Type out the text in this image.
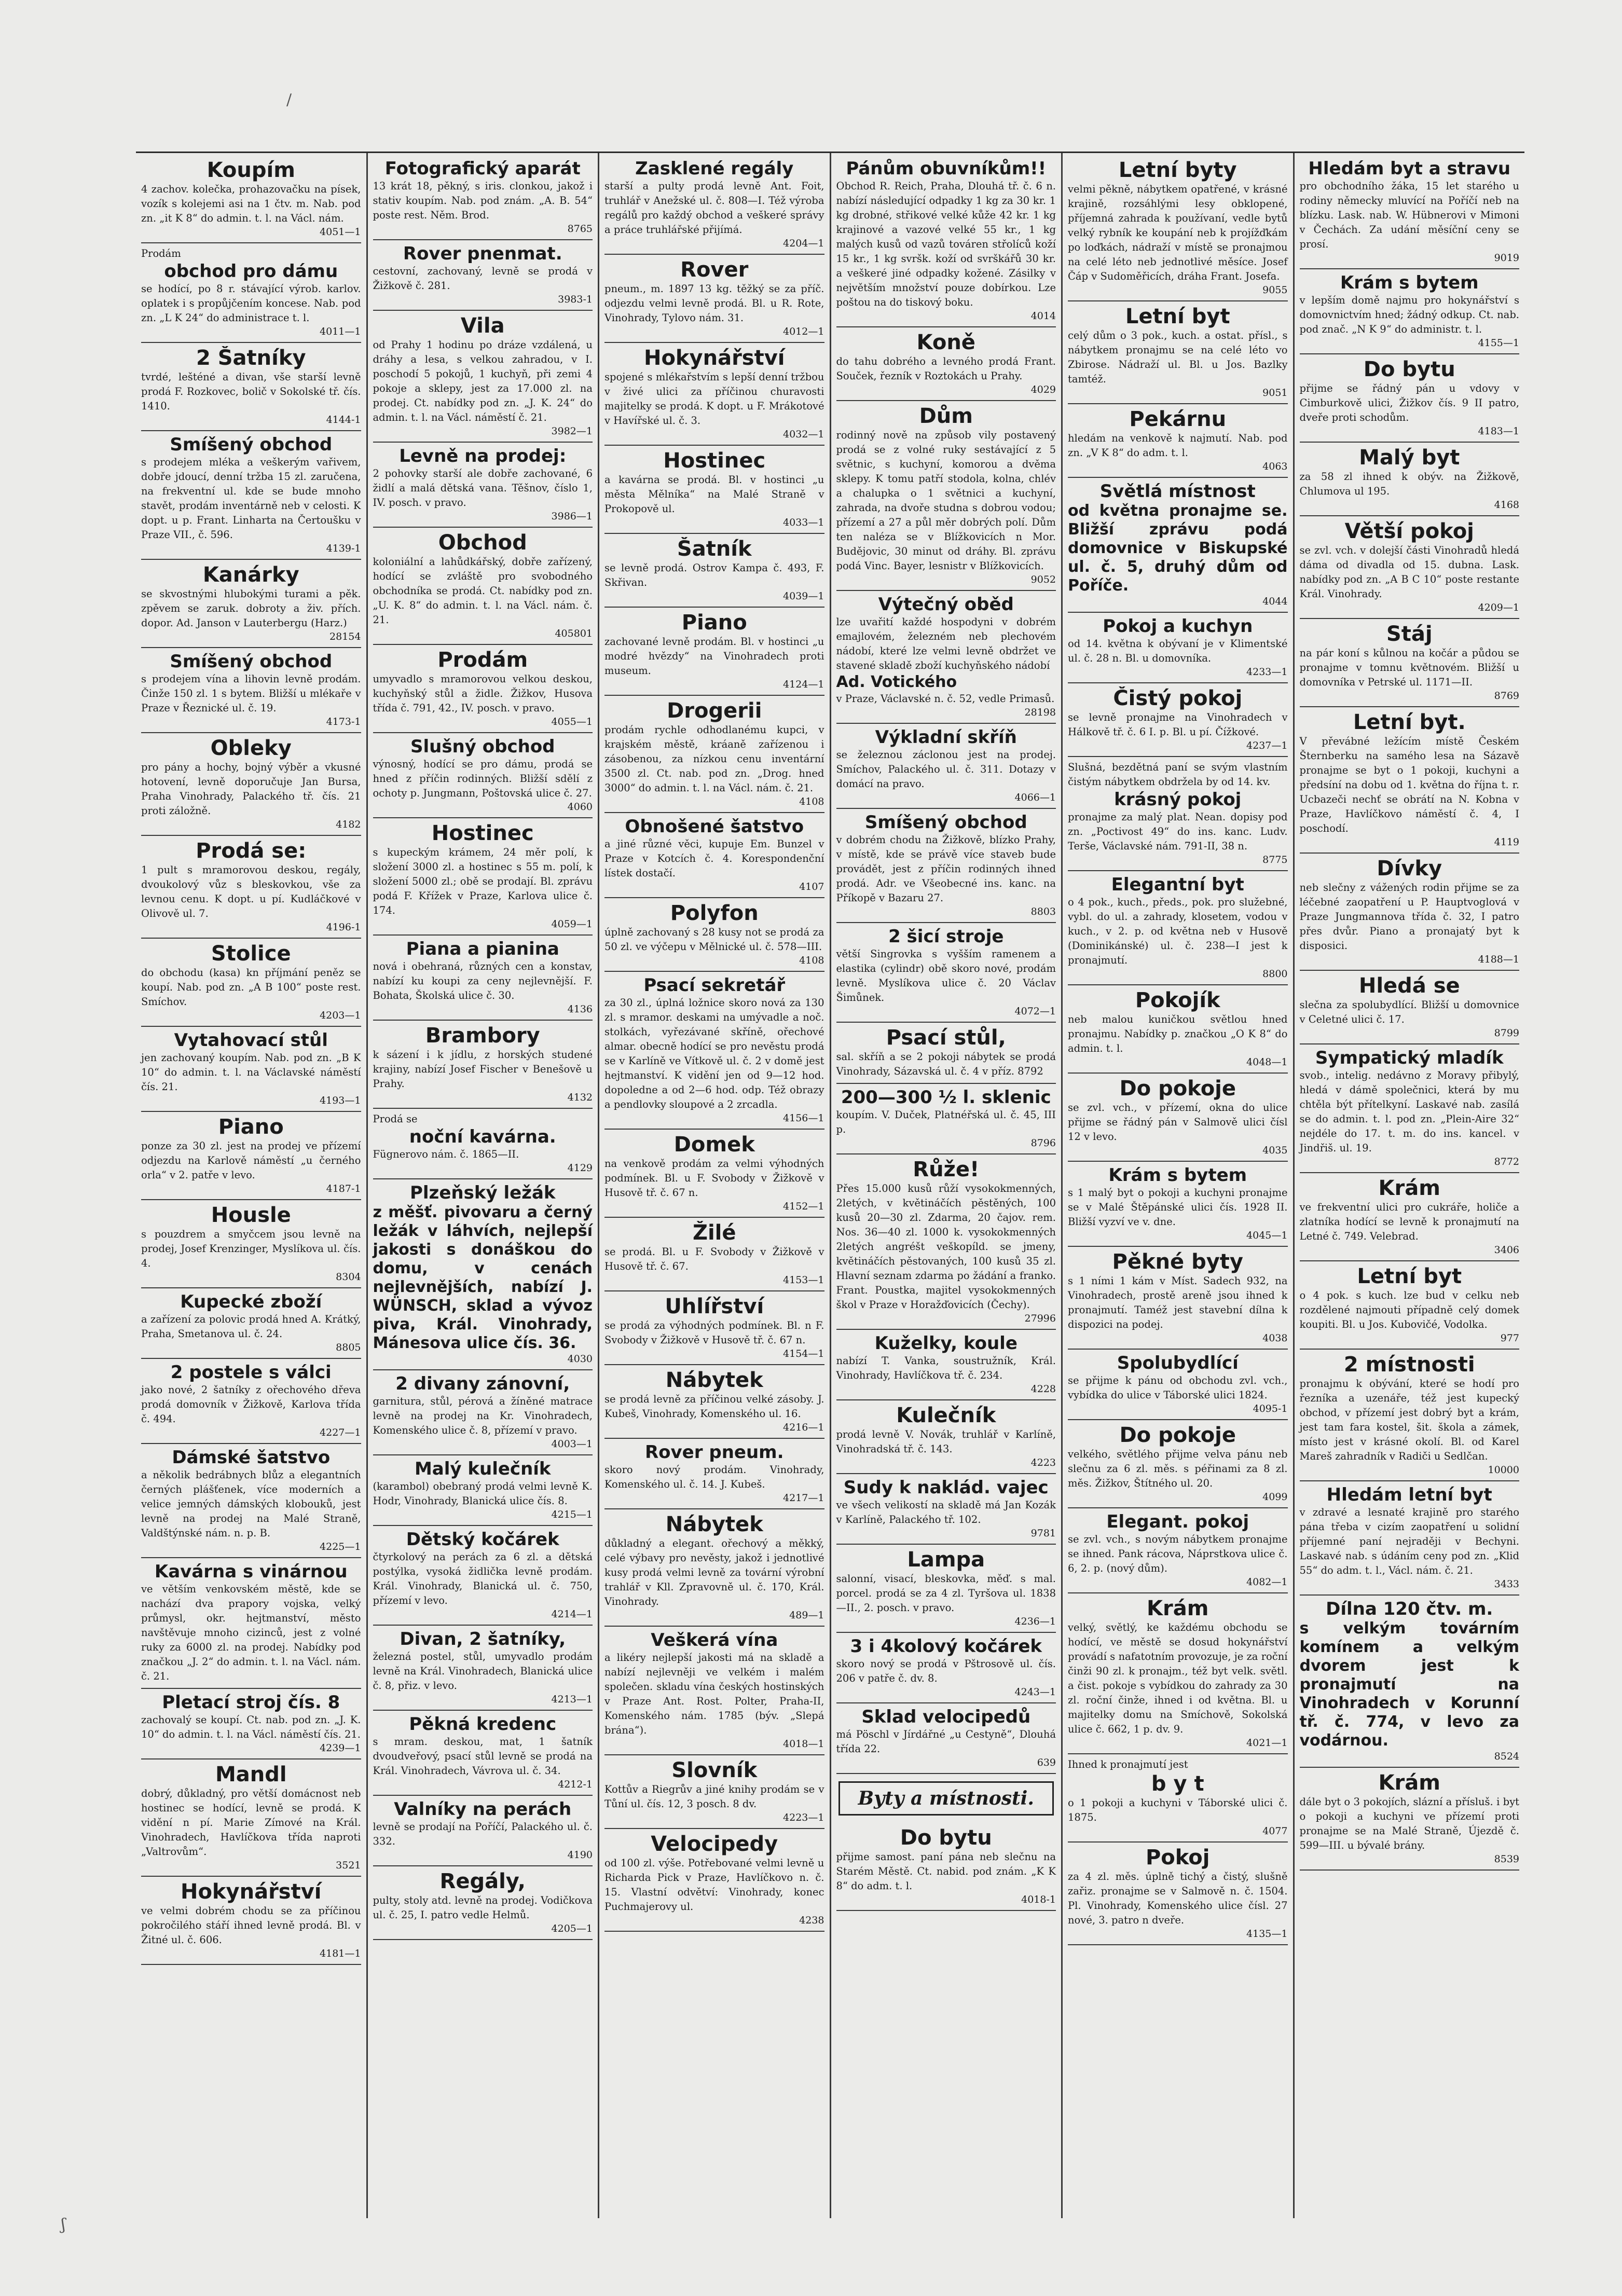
Koupím
4 zachov. kolečka, prohazovačku na písek, vozík s kolejemi asi na 1 čtv. m. Nab. pod zn. „it K 8“ do admin. t. l. na Václ. nám.
4051—1
Prodám
obchod pro dámu
se hodící, po 8 r. stávající výrob. karlov. oplatek i s propůjčením koncese. Nab. pod zn. „L K 24“ do administrace t. l.
4011—1
2 Šatníky
tvrdé, lešténé a divan, vše starší levně prodá F. Rozkovec, bolič v Sokolské tř. čís. 1410.
4144-1
Smíšený obchod
s prodejem mléka a veškerým vařivem, dobře jdoucí, denní tržba 15 zl. zaručena, na frekventní ul. kde se bude mnoho stavět, prodám inventárně neb v celosti. K dopt. u p. Frant. Linharta na Čertoušku v Praze VII., č. 596.
4139-1
Kanárky
se skvostnými hlubokými turami a pěk. zpěvem se zaruk. dobroty a živ. přích. dopor. Ad. Janson v Lauterbergu (Harz.)
28154
Smíšený obchod
s prodejem vína a lihovin levně prodám. Činže 150 zl. 1 s bytem. Bližší u mlékaře v Praze v Řeznické ul. č. 19.
4173-1
Obleky
pro pány a hochy, bojný výběr a vkusné hotovení, levně doporučuje Jan Bursa, Praha Vinohrady, Palackého tř. čís. 21 proti záložně.
4182
Prodá se:
1 pult s mramorovou deskou, regály, dvoukolový vůz s bleskovkou, vše za levnou cenu. K dopt. u pí. Kudláčkové v Olivově ul. 7.
4196-1
Stolice
do obchodu (kasa) kn příjmání peněz se koupí. Nab. pod zn. „A B 100“ poste rest. Smíchov.
4203—1
Vytahovací stůl
jen zachovaný koupím. Nab. pod zn. „B K 10“ do admin. t. l. na Václavské náměstí čís. 21.
4193—1
Piano
ponze za 30 zl. jest na prodej ve přízemí odjezdu na Karlově náměstí „u černého orla“ v 2. patře v levo.
4187-1
Housle
s pouzdrem a smyčcem jsou levně na prodej, Josef Krenzinger, Myslíkova ul. čís. 4.
8304
Kupecké zboží
a zařízení za polovic prodá hned A. Krátký, Praha, Smetanova ul. č. 24.
8805
2 postele s válci
jako nové, 2 šatníky z ořechového dřeva prodá domovník v Žižkově, Karlova třída č. 494.
4227—1
Dámské šatstvo
a několik bedrábnych blůz a elegantních černých plášťenek, více moderních a velice jemných dámských klobouků, jest levně na prodej na Malé Straně, Valdštýnské nám. n. p. B.
4225—1
Kavárna s vinárnou
ve větším venkovském městě, kde se nachází dva prapory vojska, velký průmysl, okr. hejtmanství, město navštěvuje mnoho cizinců, jest z volné ruky za 6000 zl. na prodej. Nabídky pod značkou „J. 2“ do admin. t. l. na Václ. nám. č. 21.
Pletací stroj čís. 8
zachovalý se koupí. Ct. nab. pod zn. „J. K. 10“ do admin. t. l. na Václ. náměstí čís. 21.
4239—1
Mandl
dobrý, důkladný, pro větší domácnost neb hostinec se hodící, levně se prodá. K vidění n pí. Marie Zímové na Král. Vinohradech, Havlíčkova třída naproti „Valtrovům“.
3521
Hokynářství
ve velmi dobrém chodu se za příčinou pokročilého stáří ihned levně prodá. Bl. v Žitné ul. č. 606.
4181—1
Fotografický aparát
13 krát 18, pěkný, s iris. clonkou, jakož i stativ koupím. Nab. pod znám. „A. B. 54“ poste rest. Něm. Brod.
8765
Rover pnenmat.
cestovní, zachovaný, levně se prodá v Žižkově č. 281.
3983-1
Vila
od Prahy 1 hodinu po dráze vzdálená, u dráhy a lesa, s velkou zahradou, v I. poschodí 5 pokojů, 1 kuchyň, při zemi 4 pokoje a sklepy, jest za 17.000 zl. na prodej. Ct. nabídky pod zn. „J. K. 24“ do admin. t. l. na Václ. náměstí č. 21.
3982—1
Levně na prodej:
2 pohovky starší ale dobře zachované, 6 židlí a malá dětská vana. Těšnov, číslo 1, IV. posch. v pravo.
3986—1
Obchod
koloniální a lahůdkářský, dobře zařízený, hodící se zvláště pro svobodného obchodníka se prodá. Ct. nabídky pod zn. „U. K. 8“ do admin. t. l. na Václ. nám. č. 21.
405801
Prodám
umyvadlo s mramorovou velkou deskou, kuchyňský stůl a židle. Žižkov, Husova třída č. 791, 42., IV. posch. v pravo.
4055—1
Slušný obchod
výnosný, hodící se pro dámu, prodá se hned z příčin rodinných. Bližší sdělí z ochoty p. Jungmann, Poštovská ulice č. 27.
4060
Hostinec
s kupeckým krámem, 24 měr polí, k složení 3000 zl. a hostinec s 55 m. polí, k složení 5000 zl.; obě se prodají. Bl. zprávu podá F. Křížek v Praze, Karlova ulice č. 174.
4059—1
Piana a pianina
nová i obehraná, různých cen a konstav, nabízí ku koupi za ceny nejlevnější. F. Bohata, Školská ulice č. 30.
4136
Brambory
k sázení i k jídlu, z horských studené krajiny, nabízí Josef Fischer v Benešově u Prahy.
4132
Prodá se
noční kavárna.
Fügnerovo nám. č. 1865—II.
4129
Plzeňský ležák
z měšť. pivovaru a černý ležák v láhvích, nejlepší jakosti s donáškou do domu, v cenách nejlevnějších, nabízí J. WÜNSCH, sklad a vývoz piva, Král. Vinohrady, Mánesova ulice čís. 36.
4030
2 divany zánovní,
garnitura, stůl, pérová a žíněné matrace levně na prodej na Kr. Vinohradech, Komenského ulice č. 8, přízemí v pravo.
4003—1
Malý kulečník
(karambol) obebraný prodá velmi levně K. Hodr, Vinohrady, Blanická ulice čís. 8.
4215—1
Dětský kočárek
čtyrkolový na perách za 6 zl. a dětská postýlka, vysoká židlička levně prodám. Král. Vinohrady, Blanická ul. č. 750, přízemí v levo.
4214—1
Divan, 2 šatníky,
železná postel, stůl, umyvadlo prodám levně na Král. Vinohradech, Blanická ulice č. 8, přiz. v levo.
4213—1
Pěkná kredenc
s mram. deskou, mat, 1 šatník dvoudveřový, psací stůl levně se prodá na Král. Vinohradech, Vávrova ul. č. 34.
4212-1
Valníky na perách
levně se prodají na Poříčí, Palackého ul. č. 332.
4190
Regály,
pulty, stoly atd. levně na prodej. Vodičkova ul. č. 25, I. patro vedle Helmů.
4205—1
Zasklené regály
starší a pulty prodá levně Ant. Foit, truhlář v Anežské ul. č. 808—I. Též výroba regálů pro každý obchod a veškeré správy a práce truhlářské přijímá.
4204—1
Rover
pneum., m. 1897 13 kg. těžký se za příč. odjezdu velmi levně prodá. Bl. u R. Rote, Vinohrady, Tylovo nám. 31.
4012—1
Hokynářství
spojené s mlékařstvím s lepší denní tržbou v živé ulici za příčinou churavosti majitelky se prodá. K dopt. u F. Mrákotové v Havířské ul. č. 3.
4032—1
Hostinec
a kavárna se prodá. Bl. v hostinci „u města Mělníka“ na Malé Straně v Prokopově ul.
4033—1
Šatník
se levně prodá. Ostrov Kampa č. 493, F. Skřivan.
4039—1
Piano
zachované levně prodám. Bl. v hostinci „u modré hvězdy“ na Vinohradech proti museum.
4124—1
Drogerii
prodám rychle odhodlanému kupci, v krajském městě, kráaně zařízenou i zásobenou, za nízkou cenu inventární 3500 zl. Ct. nab. pod zn. „Drog. hned 3000“ do admin. t. l. na Václ. nám. č. 21.
4108
Obnošené šatstvo
a jiné různé věci, kupuje Em. Bunzel v Praze v Kotcích č. 4. Korespondenční lístek dostačí.
4107
Polyfon
úplně zachovaný s 28 kusy not se prodá za 50 zl. ve výčepu v Mělnické ul. č. 578—III.
4108
Psací sekretář
za 30 zl., úplná ložnice skoro nová za 130 zl. s mramor. deskami na umývadle a noč. stolkách, vyřezávané skříně, ořechové almar. obecně hodící se pro nevěstu prodá se v Karlíně ve Vítkově ul. č. 2 v domě jest hejtmanství. K vidění jen od 9—12 hod. dopoledne a od 2—6 hod. odp. Též obrazy a pendlovky sloupové a 2 zrcadla.
4156—1
Domek
na venkově prodám za velmi výhodných podmínek. Bl. u F. Svobody v Žižkově v Husově tř. č. 67 n.
4152—1
Žilé
se prodá. Bl. u F. Svobody v Žižkově v Husově tř. č. 67.
4153—1
Uhlířství
se prodá za výhodných podmínek. Bl. n F. Svobody v Žižkově v Husově tř. č. 67 n.
4154—1
Nábytek
se prodá levně za příčinou velké zásoby. J. Kubeš, Vinohrady, Komenského ul. 16.
4216—1
Rover pneum.
skoro nový prodám. Vinohrady, Komenského ul. č. 14. J. Kubeš.
4217—1
Nábytek
důkladný a elegant. ořechový a měkký, celé výbavy pro nevěsty, jakož i jednotlivé kusy prodá velmi levně za tovární výrobní trahlář v Kll. Zpravovně ul. č. 170, Král. Vinohrady.
489—1
Veškerá vína
a likéry nejlepší jakosti má na skladě a nabízí nejlevněji ve velkém i malém společen. skladu vína českých hostinských v Praze Ant. Rost. Polter, Praha-II, Komenského nám. 1785 (býv. „Slepá brána“).
4018—1
Slovník
Kottův a Riegrův a jiné knihy prodám se v Tůní ul. čís. 12, 3 posch. 8 dv.
4223—1
Velocipedy
od 100 zl. výše. Potřebované velmi levně u Richarda Pick v Praze, Havlíčkovo n. č. 15. Vlastní odvětví: Vinohrady, konec Puchmajerovy ul.
4238
Pánům obuvníkům!!
Obchod R. Reich, Praha, Dlouhá tř. č. 6 n. nabízí následující odpadky 1 kg za 30 kr. 1 kg drobné, střikové velké kůže 42 kr. 1 kg krajinové a vazové velké 55 kr., 1 kg malých kusů od vazů továren střolíců koží 15 kr., 1 kg svršk. koží od svrškářů 30 kr. a veškeré jiné odpadky kožené. Zásilky v největším množství pouze dobírkou. Lze poštou na do tiskový boku.
4014
Koně
do tahu dobrého a levného prodá Frant. Souček, řezník v Roztokách u Prahy.
4029
Dům
rodinný nově na způsob vily postavený prodá se z volné ruky sestávající z 5 světnic, s kuchyní, komorou a dvěma sklepy. K tomu patří stodola, kolna, chlév a chalupka o 1 světnici a kuchyní, zahrada, na dvoře studna s dobrou vodou; přízemí a 27 a půl měr dobrých polí. Dům ten naléza se v Blížkovicích n Mor. Budějovic, 30 minut od dráhy. Bl. zprávu podá Vinc. Bayer, lesnistr v Blížkovicích.
9052
Výtečný oběd
lze uvařití každé hospodyni v dobrém emajlovém, železném neb plechovém nádobí, které lze velmi levně obdržet ve stavené skladě zboží kuchyňského nádobí
Ad. Votického
v Praze, Václavské n. č. 52, vedle Primasů.
28198
Výkladní skříň
se železnou záclonou jest na prodej. Smíchov, Palackého ul. č. 311. Dotazy v domácí na pravo.
4066—1
Smíšený obchod
v dobrém chodu na Žižkově, blízko Prahy, v místě, kde se právě více staveb bude provádět, jest z příčin rodinných ihned prodá. Adr. ve Všeobecné ins. kanc. na Příkopě v Bazaru 27.
8803
2 šicí stroje
větší Singrovka s vyšším ramenem a elastika (cylindr) obě skoro nové, prodám levně. Myslíkova ulice č. 20 Václav Šimůnek.
4072—1
Psací stůl,
sal. skříň a se 2 pokoji nábytek se prodá Vinohrady, Sázavská ul. č. 4 v příz. 8792
200—300 ½ l. sklenic
koupím. V. Duček, Platnéřská ul. č. 45, III p.
8796
Růže!
Přes 15.000 kusů růží vysokokmenných, 2letých, v květináčích pěstěných, 100 kusů 20—30 zl. Zdarma, 20 čajov. rem. Nos. 36—40 zl. 1000 k. vysokokmenných 2letých angréšt veškopíld. se jmeny, květináčích pěstovaných, 100 kusů 35 zl. Hlavní seznam zdarma po žádání a franko. Frant. Poustka, majitel vysokokmenných škol v Praze v Horažďovicích (Čechy).
27996
Kuželky, koule
nabízí T. Vanka, soustružník, Král. Vinohrady, Havlíčkova tř. č. 234.
4228
Kulečník
prodá levně V. Novák, truhlář v Karlíně, Vinohradská tř. č. 143.
4223
Sudy k naklád. vajec
ve všech velikostí na skladě má Jan Kozák v Karlíně, Palackého tř. 102.
9781
Lampa
salonní, visací, bleskovka, měď. s mal. porcel. prodá se za 4 zl. Tyršova ul. 1838—II., 2. posch. v pravo.
4236—1
3 i 4kolový kočárek
skoro nový se prodá v Pštrosově ul. čís. 206 v patře č. dv. 8.
4243—1
Sklad velocipedů
má Pöschl v Jírdářné „u Cestyně“, Dlouhá třída 22.
639
Byty a místnosti.
Do bytu
přijme samost. paní pána neb slečnu na Starém Městě. Ct. nabid. pod znám. „K K 8“ do adm. t. l.
4018-1
Letní byty
velmi pěkně, nábytkem opatřené, v krásné krajině, rozsáhlými lesy obklopené, příjemná zahrada k používaní, vedle bytů velký rybník ke koupání neb k projížďkám po loďkách, nádraží v místě se pronajmou na celé léto neb jednotlivé měsíce. Josef Čáp v Sudoměřicích, dráha Frant. Josefa.
9055
Letní byt
celý dům o 3 pok., kuch. a ostat. přísl., s nábytkem pronajmu se na celé léto vo Zbirose. Nádraží ul. Bl. u Jos. Bazlky tamtéž.
9051
Pekárnu
hledám na venkově k najmutí. Nab. pod zn. „V K 8“ do adm. t. l.
4063
Světlá místnost
od května pronajme se. Bližší zprávu podá domovnice v Biskupské ul. č. 5, druhý dům od Poříče.
4044
Pokoj a kuchyn
od 14. května k obývaní je v Klimentské ul. č. 28 n. Bl. u domovníka.
4233—1
Čistý pokoj
se levně pronajme na Vinohradech v Hálkově tř. č. 6 I. p. Bl. u pí. Čížkové.
4237—1
Slušná, bezdětná paní se svým vlastním čistým nábytkem obdržela by od 14. kv.
krásný pokoj
pronajme za malý plat. Nean. dopisy pod zn. „Poctivost 49“ do ins. kanc. Ludv. Terše, Václavské nám. 791-II, 38 n.
8775
Elegantní byt
o 4 pok., kuch., předs., pok. pro služebné, vybl. do ul. a zahrady, klosetem, vodou v kuch., v 2. p. od května neb v Husově (Dominikánské) ul. č. 238—I jest k pronajmutí.
8800
Pokojík
neb malou kuničkou světlou hned pronajmu. Nabídky p. značkou „O K 8“ do admin. t. l.
4048—1
Do pokoje
se zvl. vch., v přízemí, okna do ulice přijme se řádný pán v Salmově ulici čísl 12 v levo.
4035
Krám s bytem
s 1 malý byt o pokoji a kuchyni pronajme se v Malé Štěpánské ulici čís. 1928 II. Bližší vyzví ve v. dne.
4045—1
Pěkné byty
s 1 ními 1 kám v Míst. Sadech 932, na Vinohradech, prostě areně jsou ihned k pronajmutí. Taméž jest stavební dílna k dispozici na podej.
4038
Spolubydlící
se přijme k pánu od obchodu zvl. vch., vybídka do ulice v Táborské ulici 1824.
4095-1
Do pokoje
velkého, světlého přijme velva pánu neb slečnu za 6 zl. měs. s péřinami za 8 zl. měs. Žižkov, Štítného ul. 20.
4099
Elegant. pokoj
se zvl. vch., s novým nábytkem pronajme se ihned. Pank rácova, Náprstkova ulice č. 6, 2. p. (nový dům).
4082—1
Krám
velký, světlý, ke každému obchodu se hodící, ve městě se dosud hokynářství provádí s nafatotním provozuje, je za roční činži 90 zl. k pronajm., též byt velk. světl. a čist. pokoje s vybídkou do zahrady za 30 zl. roční činže, ihned i od května. Bl. u majitelky domu na Smíchově, Sokolská ulice č. 662, 1 p. dv. 9.
4021—1
Ihned k pronajmutí jest
b y t
o 1 pokoji a kuchyni v Táborské ulici č. 1875.
4077
Pokoj
za 4 zl. měs. úplně tichý a čistý, slušně zařiz. pronajme se v Salmově n. č. 1504. Pl. Vinohrady, Komenského ulice čísl. 27 nové, 3. patro n dveře.
4135—1
Hledám byt a stravu
pro obchodního žáka, 15 let starého u rodiny německy mluvící na Poříčí neb na blízku. Lask. nab. W. Hübnerovi v Mimoni v Čechách. Za udání měsíční ceny se prosí.
9019
Krám s bytem
v lepším domě najmu pro hokynářství s domovnictvím hned; žádný odkup. Ct. nab. pod znač. „N K 9“ do administr. t. l.
4155—1
Do bytu
přijme se řádný pán u vdovy v Cimburkově ulici, Žižkov čís. 9 II patro, dveře proti schodům.
4183—1
Malý byt
za 58 zl ihned k obýv. na Žižkově, Chlumova ul 195.
4168
Větší pokoj
se zvl. vch. v dolejší části Vinohradů hledá dáma od divadla od 15. dubna. Lask. nabídky pod zn. „A B C 10“ poste restante Král. Vinohrady.
4209—1
Stáj
na pár koní s kůlnou na kočár a půdou se pronajme v tomnu květnovém. Bližší u domovníka v Petrské ul. 1171—II.
8769
Letní byt.
V převábné ležícím místě Českém Šternberku na samého lesa na Sázavě pronajme se byt o 1 pokoji, kuchyni a předsíní na dobu od 1. května do října t. r. Ucbazeči nechť se obrátí na N. Kobna v Praze, Havlíčkovo náměstí č. 4, I poschodí.
4119
Dívky
neb slečny z vážených rodin přijme se za léčebné zaopatření u P. Hauptvoglová v Praze Jungmannova třída č. 32, I patro přes dvůr. Piano a pronajatý byt k disposici.
4188—1
Hledá se
slečna za spolubydlící. Bližší u domovnice v Celetné ulici č. 17.
8799
Sympatický mladík
svob., intelig. nedávno z Moravy přibylý, hledá v dámě společnici, která by mu chtěla být přítelkyní. Laskavé nab. zasílá se do admin. t. l. pod zn. „Plein-Aire 32“ nejdéle do 17. t. m. do ins. kancel. v Jindřiš. ul. 19.
8772
Krám
ve frekventní ulici pro cukráře, holiče a zlatníka hodící se levně k pronajmutí na Letné č. 749. Velebrad.
3406
Letní byt
o 4 pok. s kuch. lze bud v celku neb rozdělené najmouti případně celý domek koupiti. Bl. u Jos. Kubovičé, Vodolka.
977
2 místnosti
pronajmu k obývání, které se hodí pro řezníka a uzenáře, též jest kupecký obchod, v přízemí jest dobrý byt a krám, jest tam fara kostel, šit. škola a zámek, místo jest v krásné okolí. Bl. od Karel Mareš zahradník v Radiči u Sedlčan.
10000
Hledám letní byt
v zdravé a lesnaté krajině pro starého pána třeba v cizím zaopatření u solidní příjemné paní nejraději v Bechyni. Laskavé nab. s údáním ceny pod zn. „Klid 55“ do adm. t. l., Václ. nám. č. 21.
3433
Dílna 120 čtv. m.
s velkým továrním komínem a velkým dvorem jest k pronajmutí na Vinohradech v Korunní tř. č. 774, v levo za vodárnou.
8524
Krám
dále byt o 3 pokojích, slázní a přísluš. i byt o pokoji a kuchyni ve přízemí proti pronajme se na Malé Straně, Újezdě č. 599—III. u bývalé brány.
8539
/
ʃ
